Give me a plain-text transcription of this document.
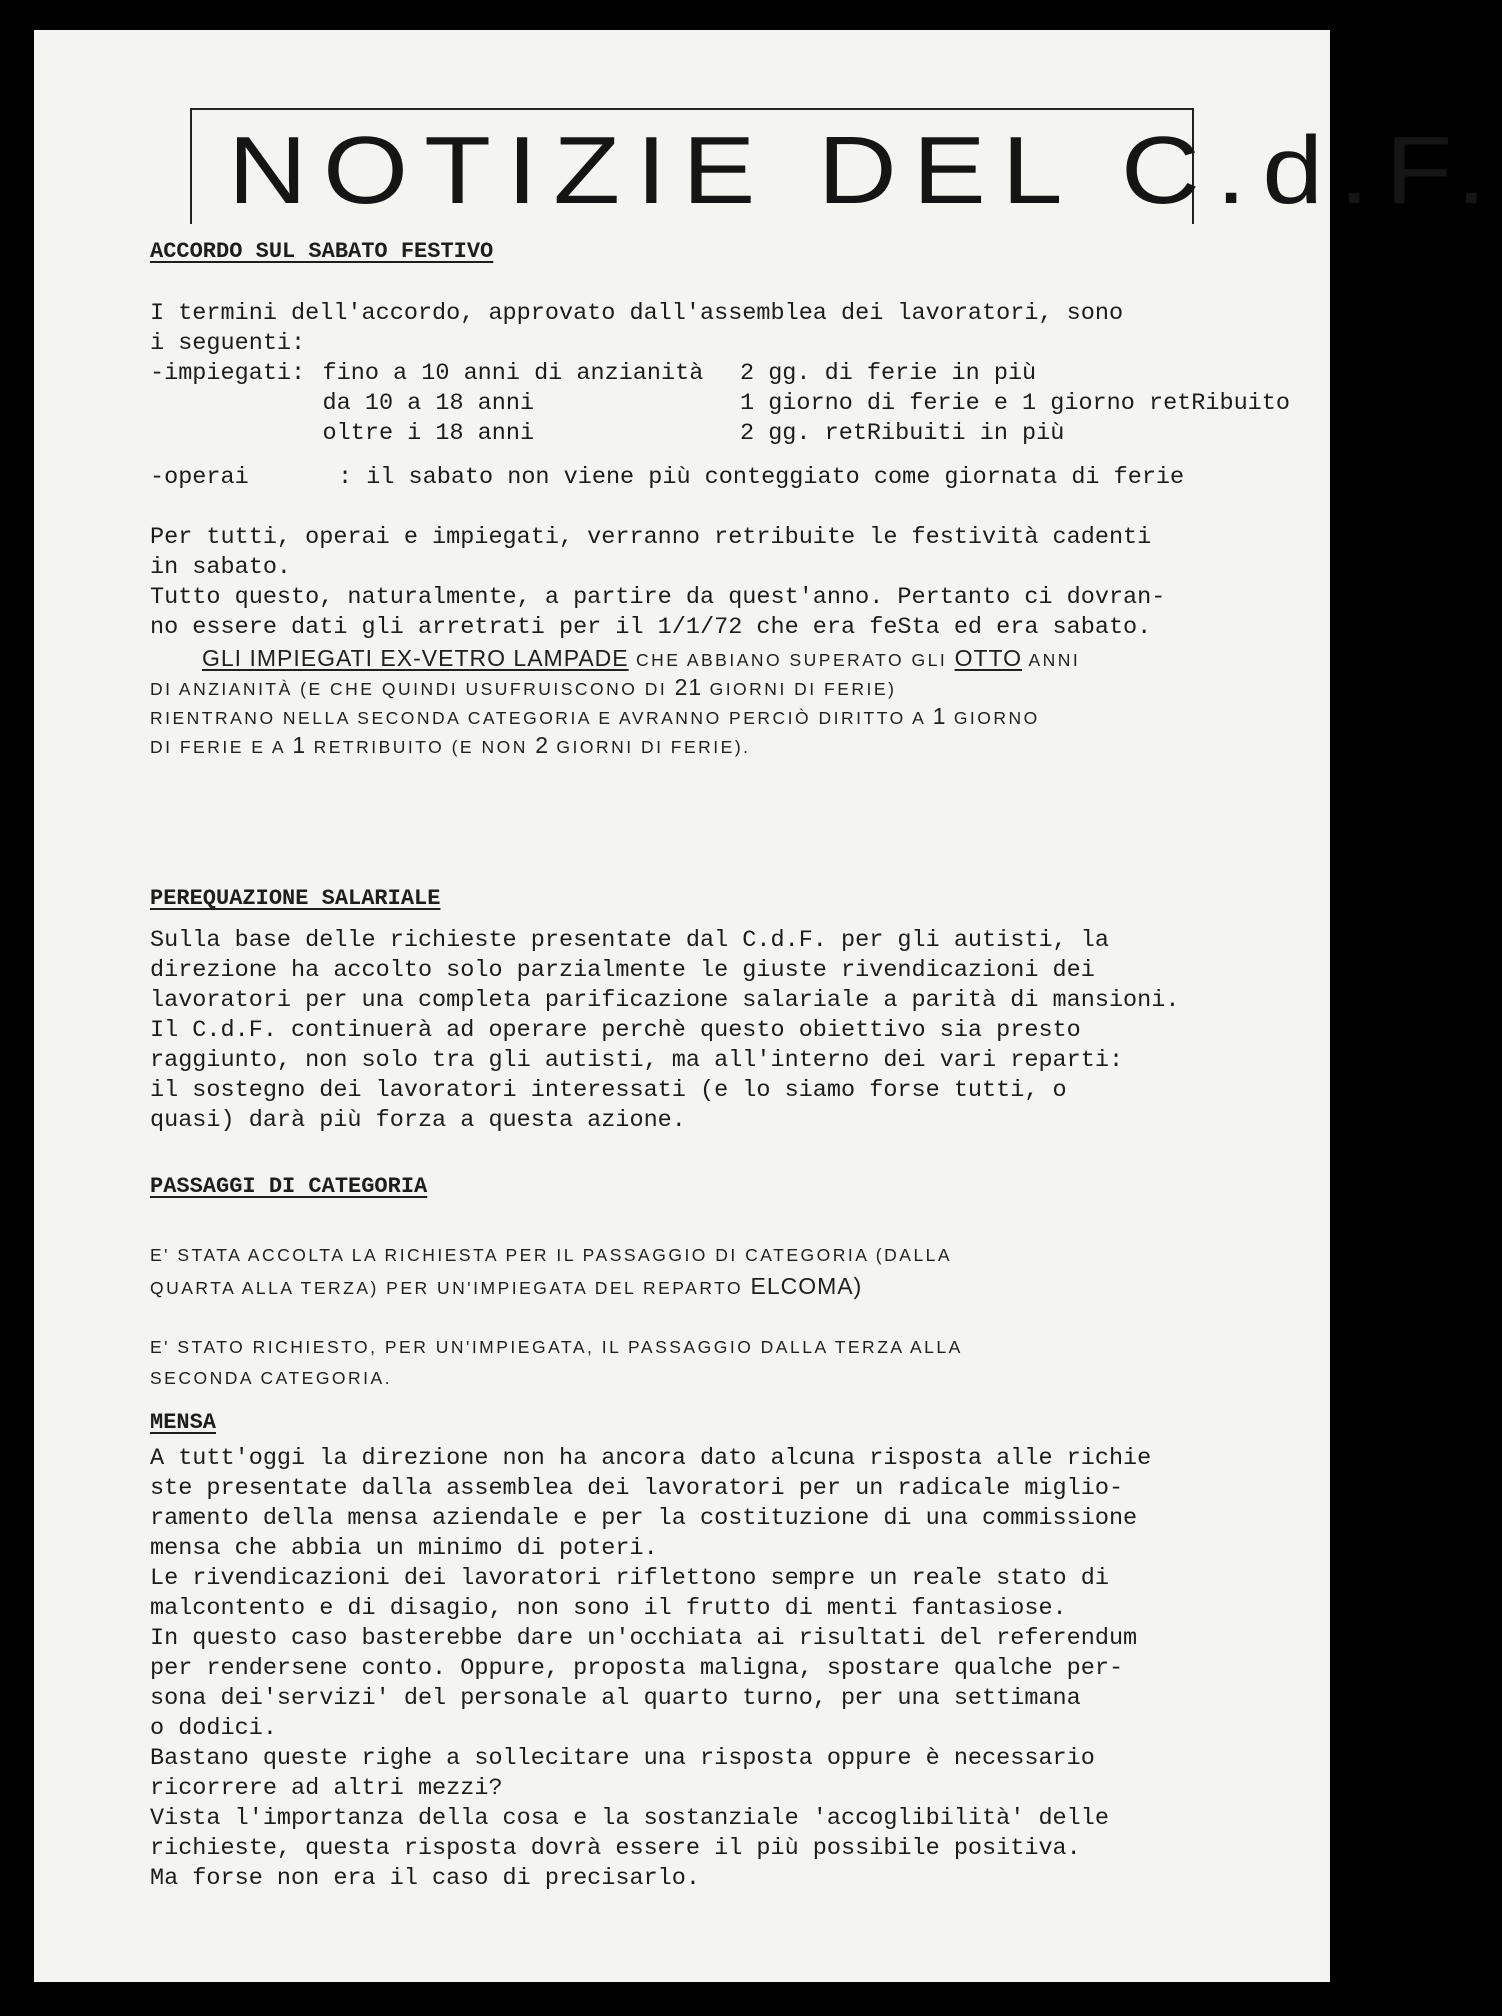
NOTIZIE DEL C.d.F.
ACCORDO SUL SABATO FESTIVO

I termini dell'accordo, approvato dall'assemblea dei lavoratori, sono

i seguenti:

-impiegati:	fino a 10 anni di anzianità	2 gg. di ferie in più
	da 10 a 18 anni	1 giorno di ferie e 1 giorno retRibuito
	oltre i 18 anni	2 gg. retRibuiti in più
-operai	: il sabato non viene più conteggiato come giornata di ferie

Per tutti, operai e impiegati, verranno retribuite le festività cadenti

in sabato.

Tutto questo, naturalmente, a partire da quest'anno. Pertanto ci dovran-

no essere dati gli arretrati per il 1/1/72 che era feSta ed era sabato.

GLI IMPIEGATI EX-VETRO LAMPADE CHE ABBIANO SUPERATO GLI OTTO ANNI

DI ANZIANITÀ (E CHE QUINDI USUFRUISCONO DI 21 GIORNI DI FERIE)

RIENTRANO NELLA SECONDA CATEGORIA E AVRANNO PERCIÒ DIRITTO A 1 GIORNO

DI FERIE E A 1 RETRIBUITO (E NON 2 GIORNI DI FERIE).

PEREQUAZIONE SALARIALE

Sulla base delle richieste presentate dal C.d.F. per gli autisti, la

direzione ha accolto solo parzialmente le giuste rivendicazioni dei

lavoratori per una completa parificazione salariale a parità di mansioni.

Il C.d.F. continuerà ad operare perchè questo obiettivo sia presto

raggiunto, non solo tra gli autisti, ma all'interno dei vari reparti:

il sostegno dei lavoratori interessati (e lo siamo forse tutti, o

quasi) darà più forza a questa azione.

PASSAGGI DI CATEGORIA

E' STATA ACCOLTA LA RICHIESTA PER IL PASSAGGIO DI CATEGORIA (DALLA

QUARTA ALLA TERZA) PER UN'IMPIEGATA DEL REPARTO ELCOMA)

E' STATO RICHIESTO, PER UN'IMPIEGATA, IL PASSAGGIO DALLA TERZA ALLA

SECONDA CATEGORIA.

MENSA

A tutt'oggi la direzione non ha ancora dato alcuna risposta alle richie

ste presentate dalla assemblea dei lavoratori per un radicale miglio-

ramento della mensa aziendale e per la costituzione di una commissione

mensa che abbia un minimo di poteri.

Le rivendicazioni dei lavoratori riflettono sempre un reale stato di

malcontento e di disagio, non sono il frutto di menti fantasiose.

In questo caso basterebbe dare un'occhiata ai risultati del referendum

per rendersene conto. Oppure, proposta maligna, spostare qualche per-

sona dei'servizi' del personale al quarto turno, per una settimana

o dodici.

Bastano queste righe a sollecitare una risposta oppure è necessario

ricorrere ad altri mezzi?

Vista l'importanza della cosa e la sostanziale 'accoglibilità' delle

richieste, questa risposta dovrà essere il più possibile positiva.

Ma forse non era il caso di precisarlo.
